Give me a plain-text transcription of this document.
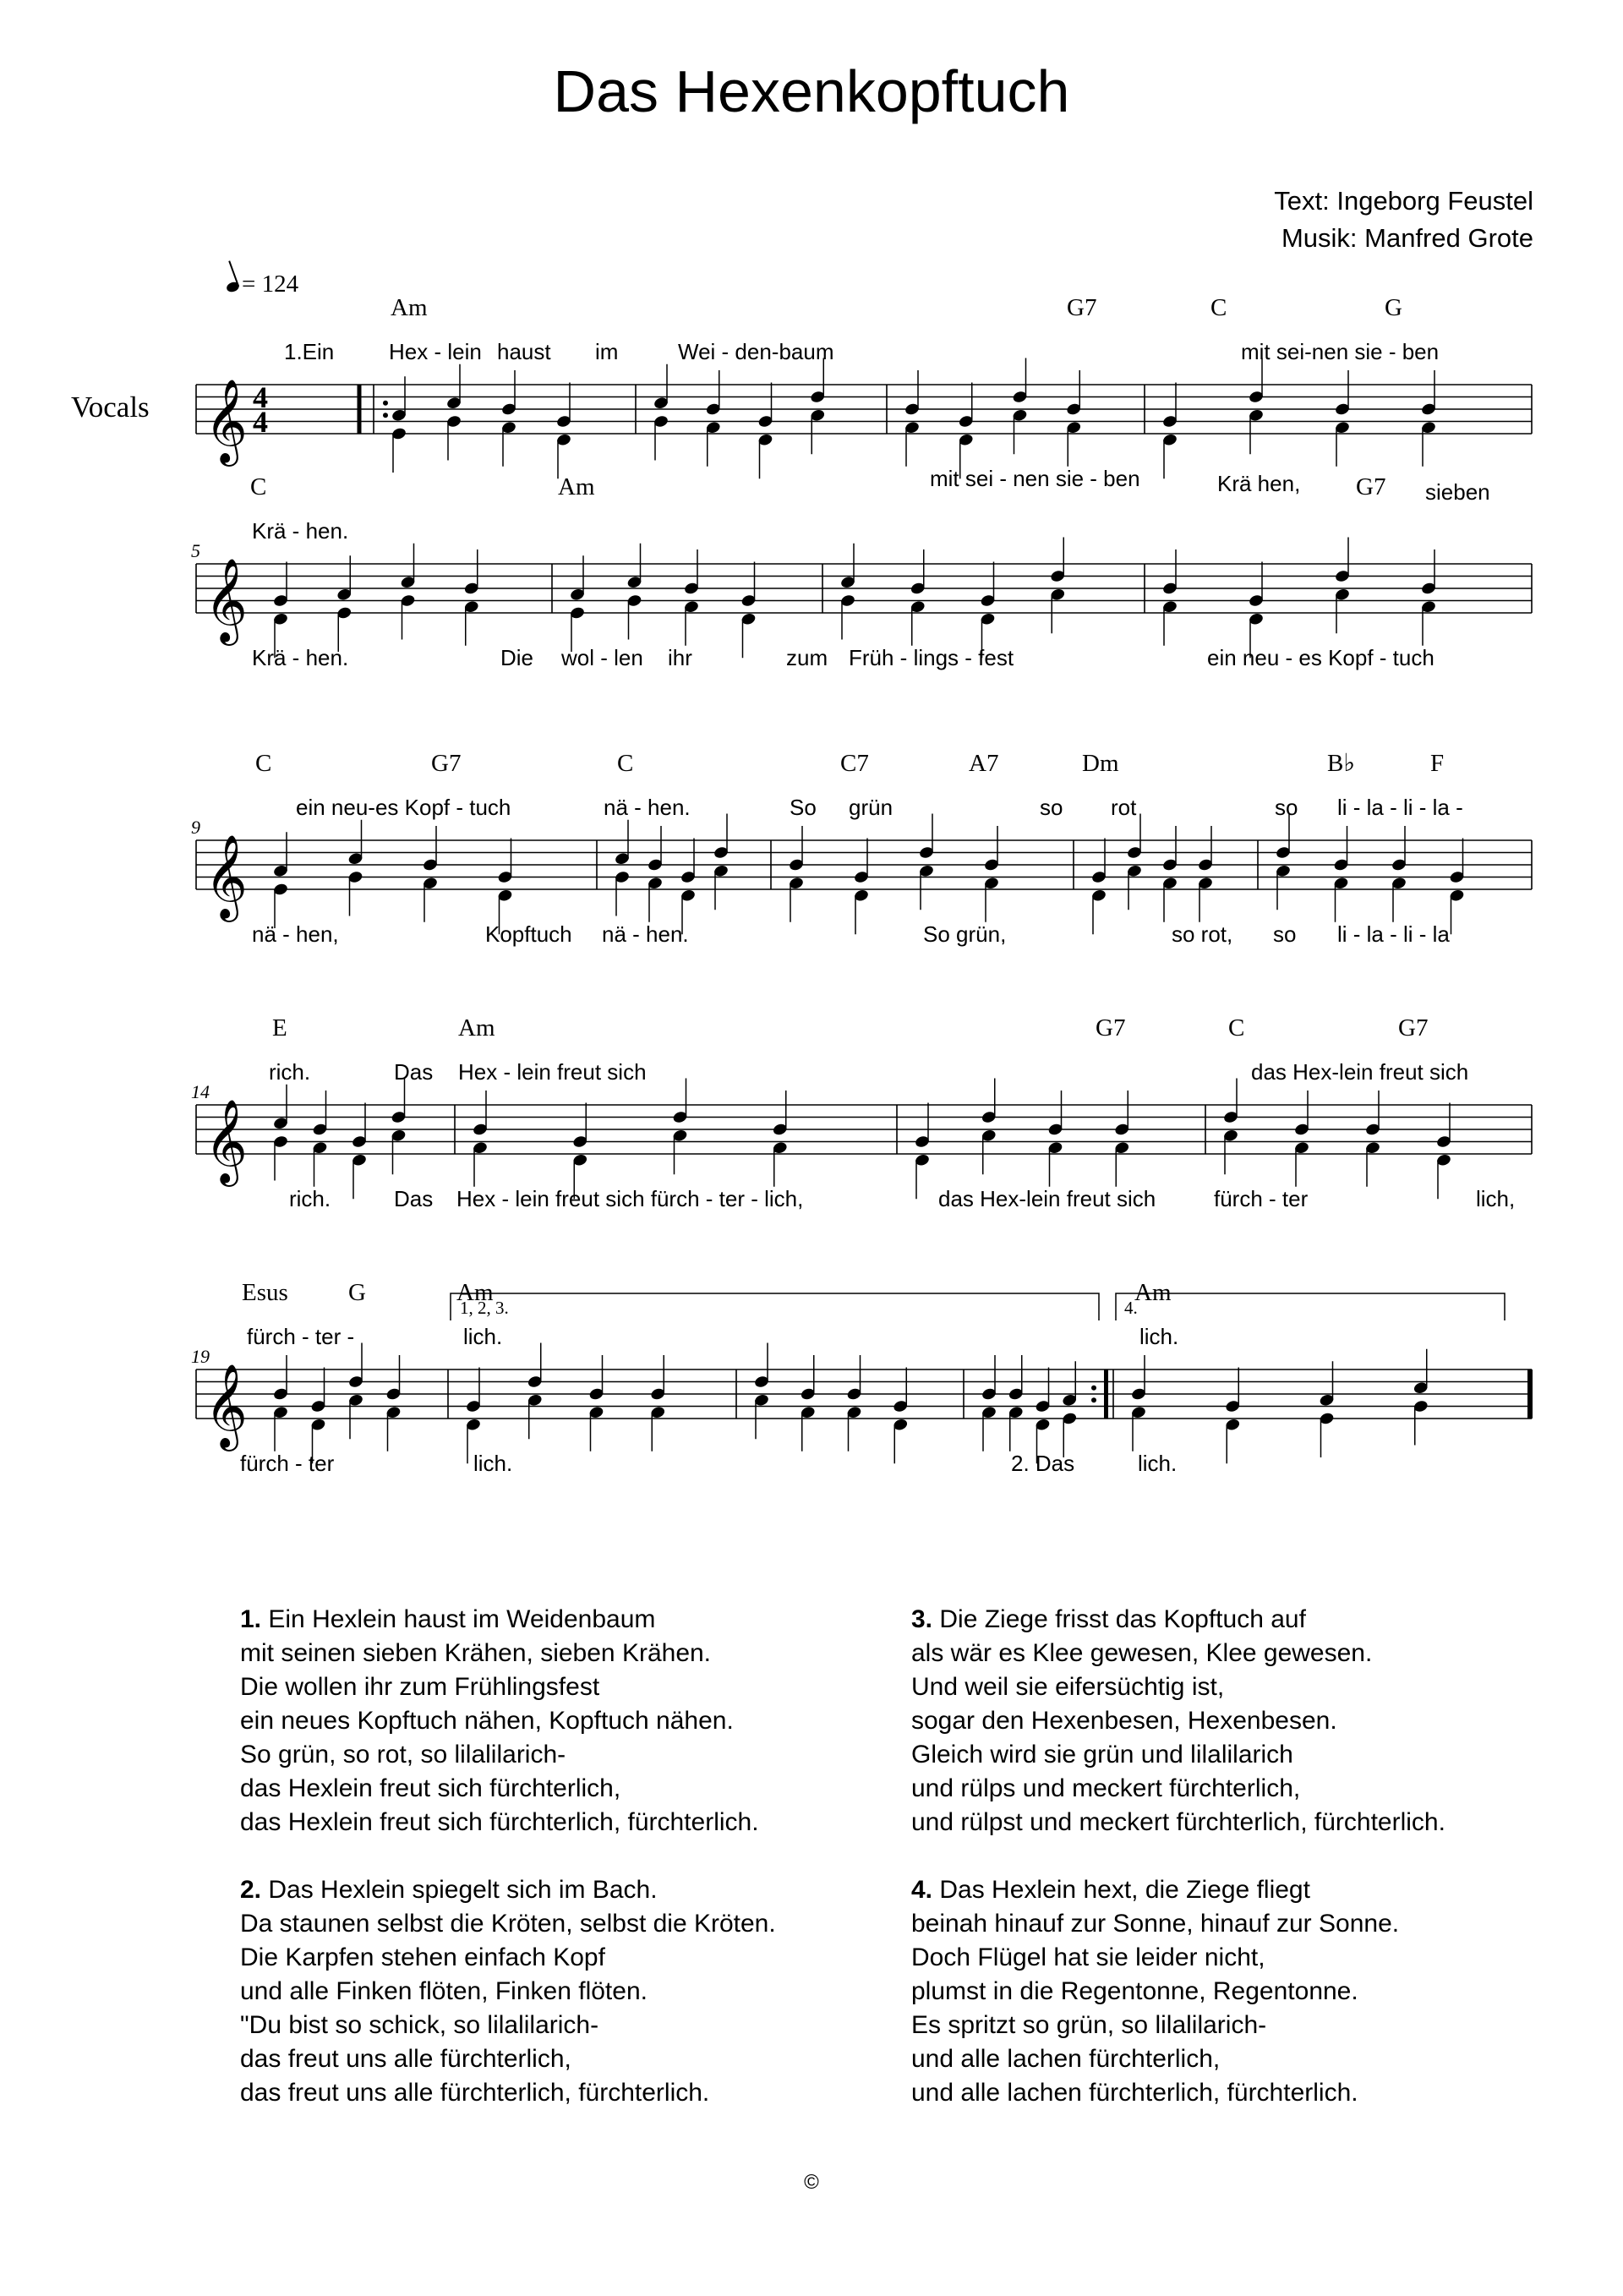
Das Hexenkopftuch
Text: Ingeborg Feustel
Musik: Manfred Grote
= 124
Vocals 𝄞 4
4
Am	G7	C	G
1.Ein Hex - lein haust im	Wei - den-baum	mit sei-nen sie - ben
mit sei - nen sie - ben	Krä hen,	sieben
𝄞
5
C	Am	G7
Krä - hen.
Krä - hen.	Die wol - len ihr	zum Früh - lings - fest	ein neu - es Kopf - tuch
𝄞
9
C	G7	C	C7	A7	Dm	B♭	F
ein neu-es Kopf - tuch	nä - hen.	So grün	so rot	so li - la - li - la -
nä - hen,	Kopftuch nä - hen.	So grün,	so rot, so li - la - li - la
𝄞
14
E	Am	G7	C	G7
rich.	Das Hex - lein freut sich	das Hex-lein freut sich
rich.	Das Hex - lein freut sich fürch - ter - lich,	das Hex-lein freut sich	fürch - ter	lich,
𝄞
19
Esus G	Am	Am
fürch - ter -	lich.	lich.
fürch - ter	lich.	2. Das	lich.
1, 2, 3.	4.
1. Ein Hexlein haust im Weidenbaum
mit seinen sieben Krähen, sieben Krähen.
Die wollen ihr zum Frühlingsfest
ein neues Kopftuch nähen, Kopftuch nähen.
So grün, so rot, so lilalilarich-
das Hexlein freut sich fürchterlich,
das Hexlein freut sich fürchterlich, fürchterlich.
2. Das Hexlein spiegelt sich im Bach.
Da staunen selbst die Kröten, selbst die Kröten.
Die Karpfen stehen einfach Kopf
und alle Finken flöten, Finken flöten.
"Du bist so schick, so lilalilarich-
das freut uns alle fürchterlich,
das freut uns alle fürchterlich, fürchterlich.
3. Die Ziege frisst das Kopftuch auf
als wär es Klee gewesen, Klee gewesen.
Und weil sie eifersüchtig ist,
sogar den Hexenbesen, Hexenbesen.
Gleich wird sie grün und lilalilarich
und rülps und meckert fürchterlich,
und rülpst und meckert fürchterlich, fürchterlich.
4. Das Hexlein hext, die Ziege fliegt
beinah hinauf zur Sonne, hinauf zur Sonne.
Doch Flügel hat sie leider nicht,
plumst in die Regentonne, Regentonne.
Es spritzt so grün, so lilalilarich-
und alle lachen fürchterlich,
und alle lachen fürchterlich, fürchterlich.
©
